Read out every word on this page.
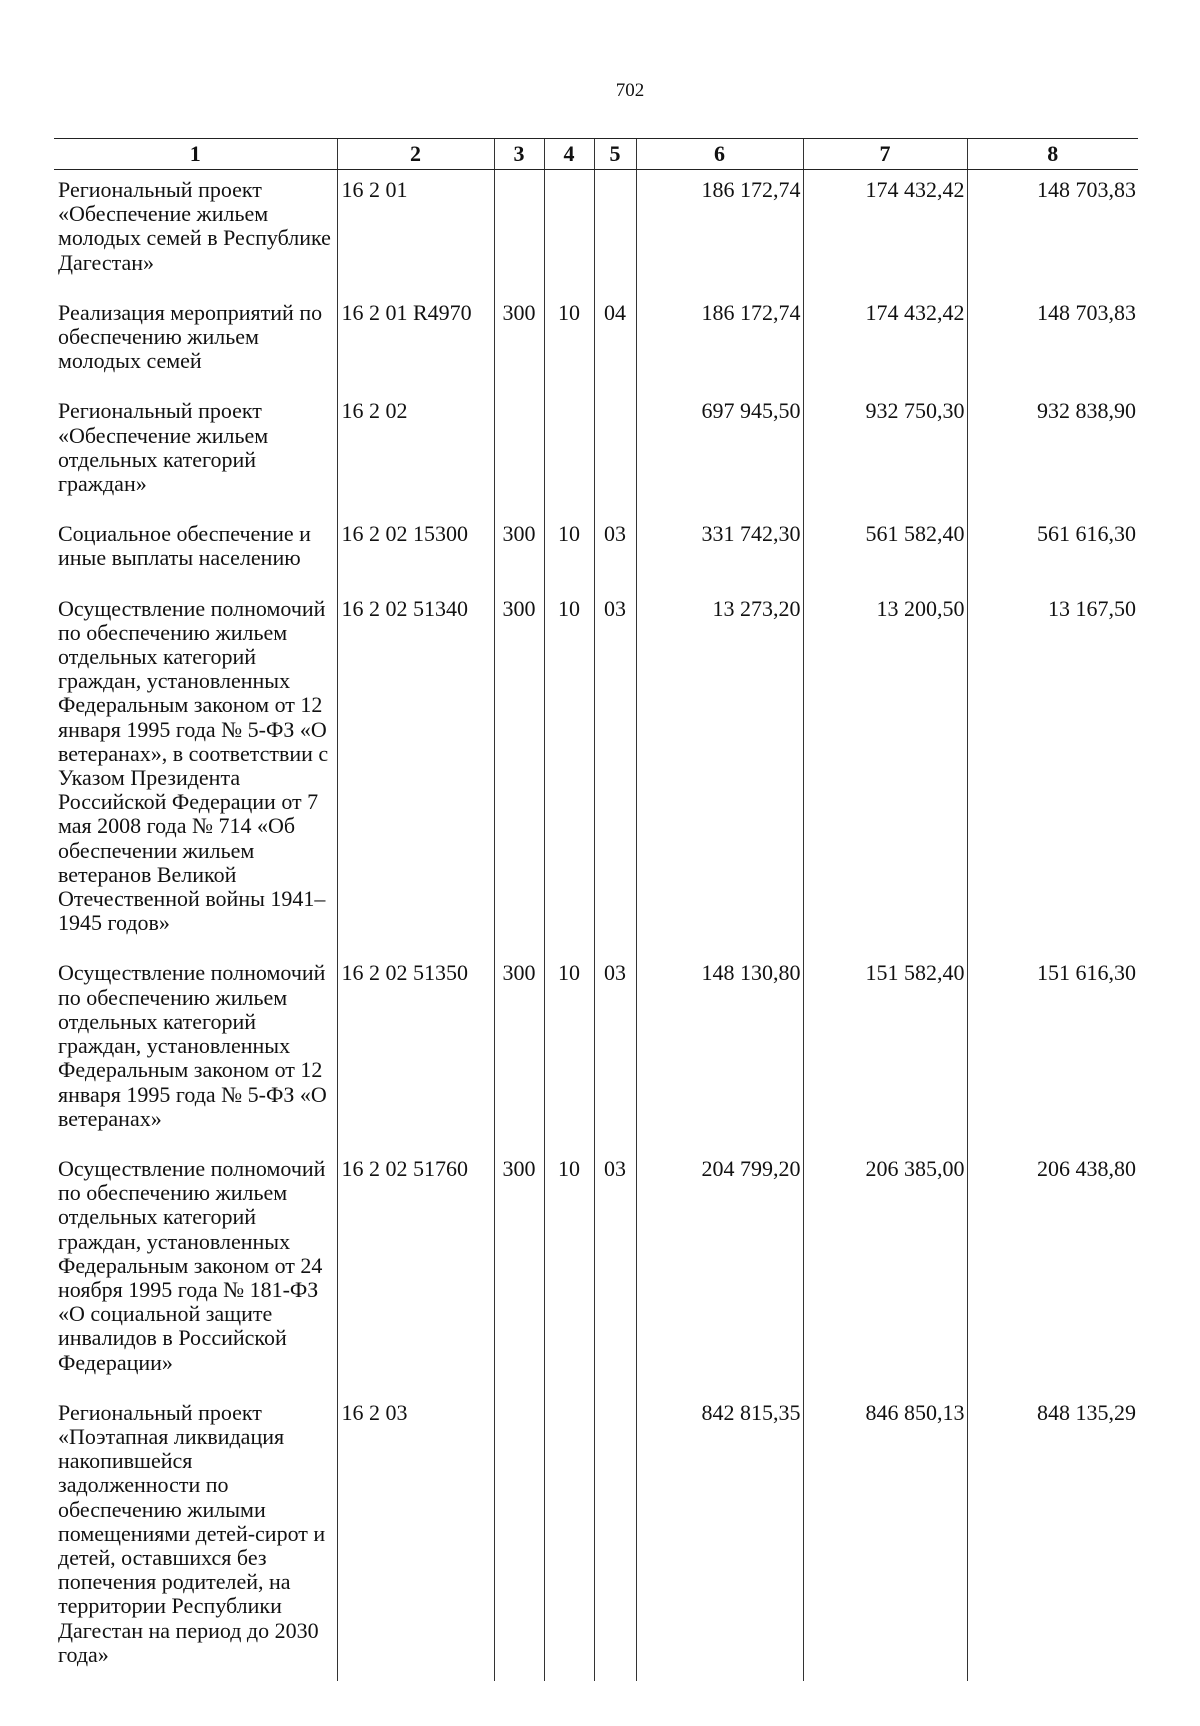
702
1	2	3	4	5	6	7	8
Региональный проект «Обеспечение жильем молодых семей в Республике Дагестан»	16 2 01				186 172,74	174 432,42	148 703,83
Реализация мероприятий по обеспечению жильем молодых семей	16 2 01 R4970	300	10	04	186 172,74	174 432,42	148 703,83
Региональный проект «Обеспечение жильем отдельных категорий граждан»	16 2 02				697 945,50	932 750,30	932 838,90
Социальное обеспечение и иные выплаты населению	16 2 02 15300	300	10	03	331 742,30	561 582,40	561 616,30
Осуществление полномочий по обеспечению жильем отдельных категорий граждан, установленных Федеральным законом от 12 января 1995 года № 5-ФЗ «О ветеранах», в соответствии с Указом Президента Российской Федерации от 7 мая 2008 года № 714 «Об обеспечении жильем ветеранов Великой Отечественной войны 1941–1945 годов»	16 2 02 51340	300	10	03	13 273,20	13 200,50	13 167,50
Осуществление полномочий по обеспечению жильем отдельных категорий граждан, установленных Федеральным законом от 12 января 1995 года № 5-ФЗ «О ветеранах»	16 2 02 51350	300	10	03	148 130,80	151 582,40	151 616,30
Осуществление полномочий по обеспечению жильем отдельных категорий граждан, установленных Федеральным законом от 24 ноября 1995 года № 181-ФЗ «О социальной защите инвалидов в Российской Федерации»	16 2 02 51760	300	10	03	204 799,20	206 385,00	206 438,80
Региональный проект «Поэтапная ликвидация накопившейся задолженности по обеспечению жилыми помещениями детей-сирот и детей, оставшихся без попечения родителей, на территории Республики Дагестан на период до 2030 года»	16 2 03				842 815,35	846 850,13	848 135,29
